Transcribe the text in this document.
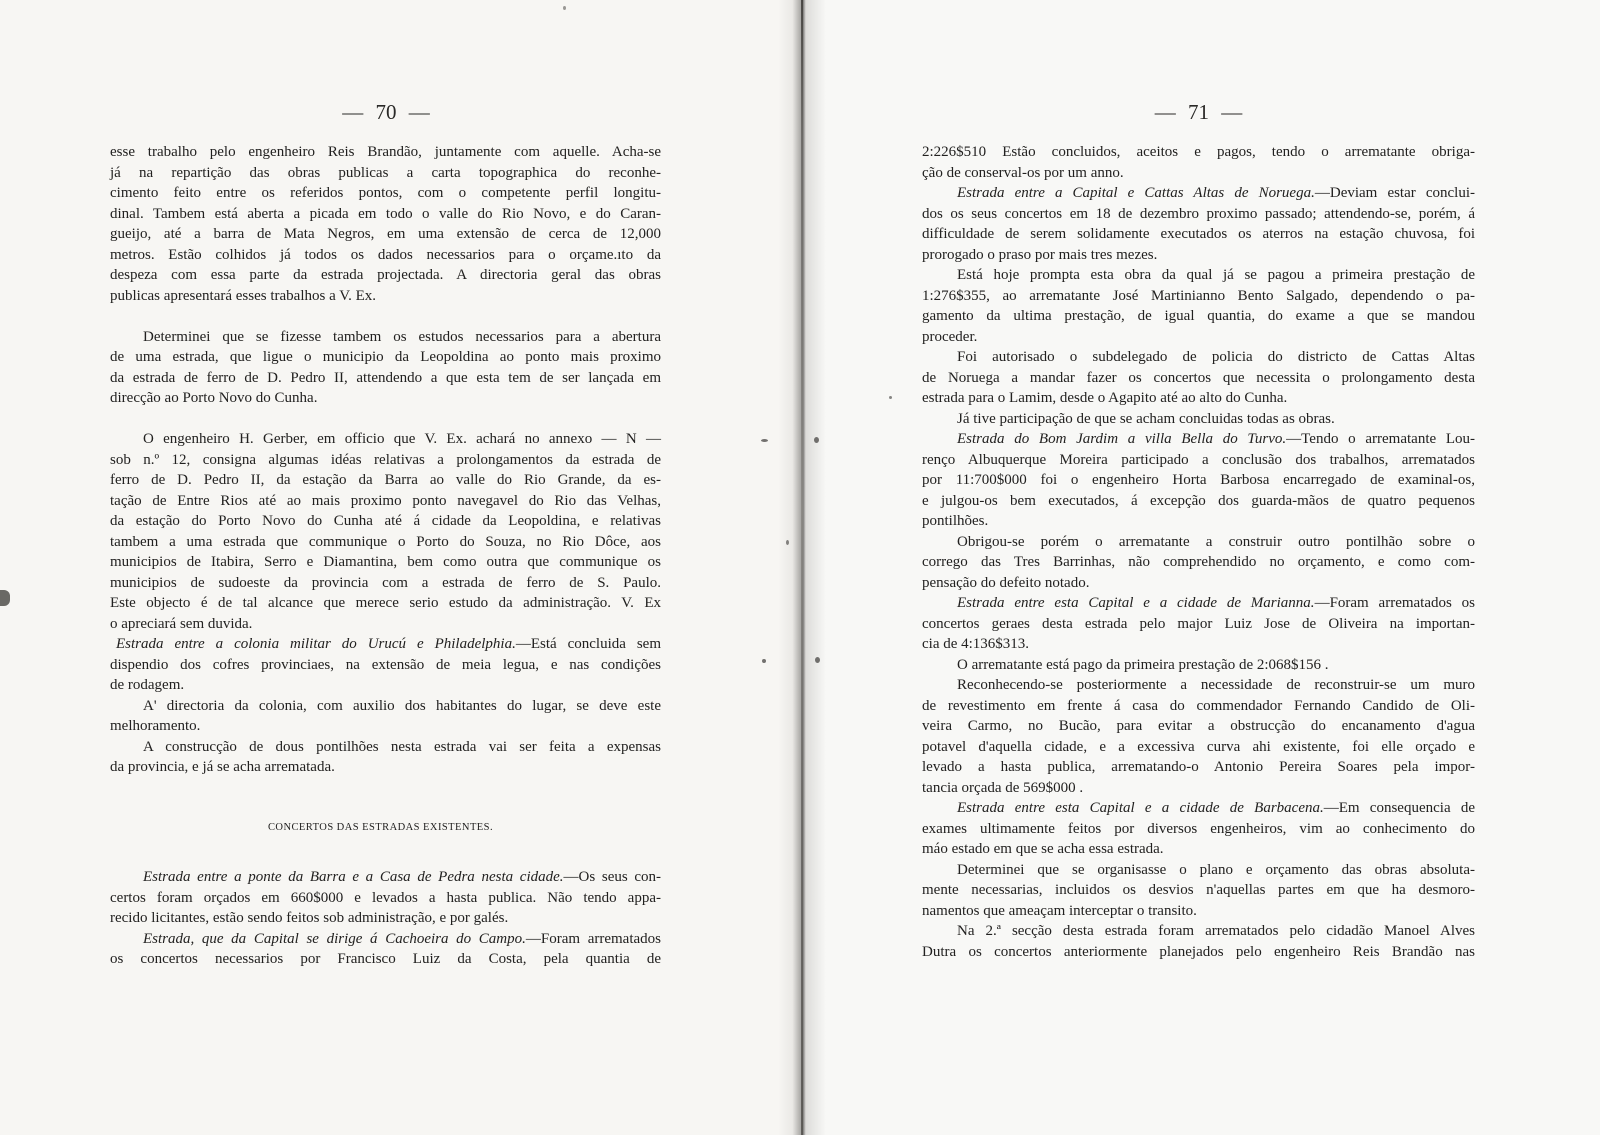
— 70 —	— 71 —
esse trabalho pelo engenheiro Reis Brandão, juntamente com aquelle. Acha-se
já na repartição das obras publicas a carta topographica do reconhe-
cimento feito entre os referidos pontos, com o competente perfil longitu-
dinal. Tambem está aberta a picada em todo o valle do Rio Novo, e do Caran-
gueijo, até a barra de Mata Negros, em uma extensão de cerca de 12,000
metros. Estão colhidos já todos os dados necessarios para o orçame.ıto da
despeza com essa parte da estrada projectada. A directoria geral das obras
publicas apresentará esses trabalhos a V. Ex.
Determinei que se fizesse tambem os estudos necessarios para a abertura
de uma estrada, que ligue o municipio da Leopoldina ao ponto mais proximo
da estrada de ferro de D. Pedro II, attendendo a que esta tem de ser lançada em
direcção ao Porto Novo do Cunha.
O engenheiro H. Gerber, em officio que V. Ex. achará no annexo — N —
sob n.º 12, consigna algumas idéas relativas a prolongamentos da estrada de
ferro de D. Pedro II, da estação da Barra ao valle do Rio Grande, da es-
tação de Entre Rios até ao mais proximo ponto navegavel do Rio das Velhas,
da estação do Porto Novo do Cunha até á cidade da Leopoldina, e relativas
tambem a uma estrada que communique o Porto do Souza, no Rio Dôce, aos
municipios de Itabira, Serro e Diamantina, bem como outra que communique os
municipios de sudoeste da provincia com a estrada de ferro de S. Paulo.
Este objecto é de tal alcance que merece serio estudo da administração. V. Ex
o apreciará sem duvida.
Estrada entre a colonia militar do Urucú e Philadelphia.—Está concluida sem
dispendio dos cofres provinciaes, na extensão de meia legua, e nas condições
de rodagem.
A' directoria da colonia, com auxilio dos habitantes do lugar, se deve este
melhoramento.
A construcção de dous pontilhões nesta estrada vai ser feita a expensas
da provincia, e já se acha arrematada.
CONCERTOS DAS ESTRADAS EXISTENTES.
Estrada entre a ponte da Barra e a Casa de Pedra nesta cidade.—Os seus con-
certos foram orçados em 660$000 e levados a hasta publica. Não tendo appa-
recido licitantes, estão sendo feitos sob administração, e por galés.
Estrada, que da Capital se dirige á Cachoeira do Campo.—Foram arrematados
os concertos necessarios por Francisco Luiz da Costa, pela quantia de
2:226$510 Estão concluidos, aceitos e pagos, tendo o arrematante obriga-
ção de conserval-os por um anno.
Estrada entre a Capital e Cattas Altas de Noruega.—Deviam estar conclui-
dos os seus concertos em 18 de dezembro proximo passado; attendendo-se, porém, á
difficuldade de serem solidamente executados os aterros na estação chuvosa, foi
prorogado o praso por mais tres mezes.
Está hoje prompta esta obra da qual já se pagou a primeira prestação de
1:276$355, ao arrematante José Martinianno Bento Salgado, dependendo o pa-
gamento da ultima prestação, de igual quantia, do exame a que se mandou
proceder.
Foi autorisado o subdelegado de policia do districto de Cattas Altas
de Noruega a mandar fazer os concertos que necessita o prolongamento desta
estrada para o Lamim, desde o Agapito até ao alto do Cunha.
Já tive participação de que se acham concluidas todas as obras.
Estrada do Bom Jardim a villa Bella do Turvo.—Tendo o arrematante Lou-
renço Albuquerque Moreira participado a conclusão dos trabalhos, arrematados
por 11:700$000 foi o engenheiro Horta Barbosa encarregado de examinal-os,
e julgou-os bem executados, á excepção dos guarda-mãos de quatro pequenos
pontilhões.
Obrigou-se porém o arrematante a construir outro pontilhão sobre o
corrego das Tres Barrinhas, não comprehendido no orçamento, e como com-
pensação do defeito notado.
Estrada entre esta Capital e a cidade de Marianna.—Foram arrematados os
concertos geraes desta estrada pelo major Luiz Jose de Oliveira na importan-
cia de 4:136$313.
O arrematante está pago da primeira prestação de 2:068$156 .
Reconhecendo-se posteriormente a necessidade de reconstruir-se um muro
de revestimento em frente á casa do commendador Fernando Candido de Oli-
veira Carmo, no Bucão, para evitar a obstrucção do encanamento d'agua
potavel d'aquella cidade, e a excessiva curva ahi existente, foi elle orçado e
levado a hasta publica, arrematando-o Antonio Pereira Soares pela impor-
tancia orçada de 569$000 .
Estrada entre esta Capital e a cidade de Barbacena.—Em consequencia de
exames ultimamente feitos por diversos engenheiros, vim ao conhecimento do
máo estado em que se acha essa estrada.
Determinei que se organisasse o plano e orçamento das obras absoluta-
mente necessarias, incluidos os desvios n'aquellas partes em que ha desmoro-
namentos que ameaçam interceptar o transito.
Na 2.ª secção desta estrada foram arrematados pelo cidadão Manoel Alves
Dutra os concertos anteriormente planejados pelo engenheiro Reis Brandão nas
